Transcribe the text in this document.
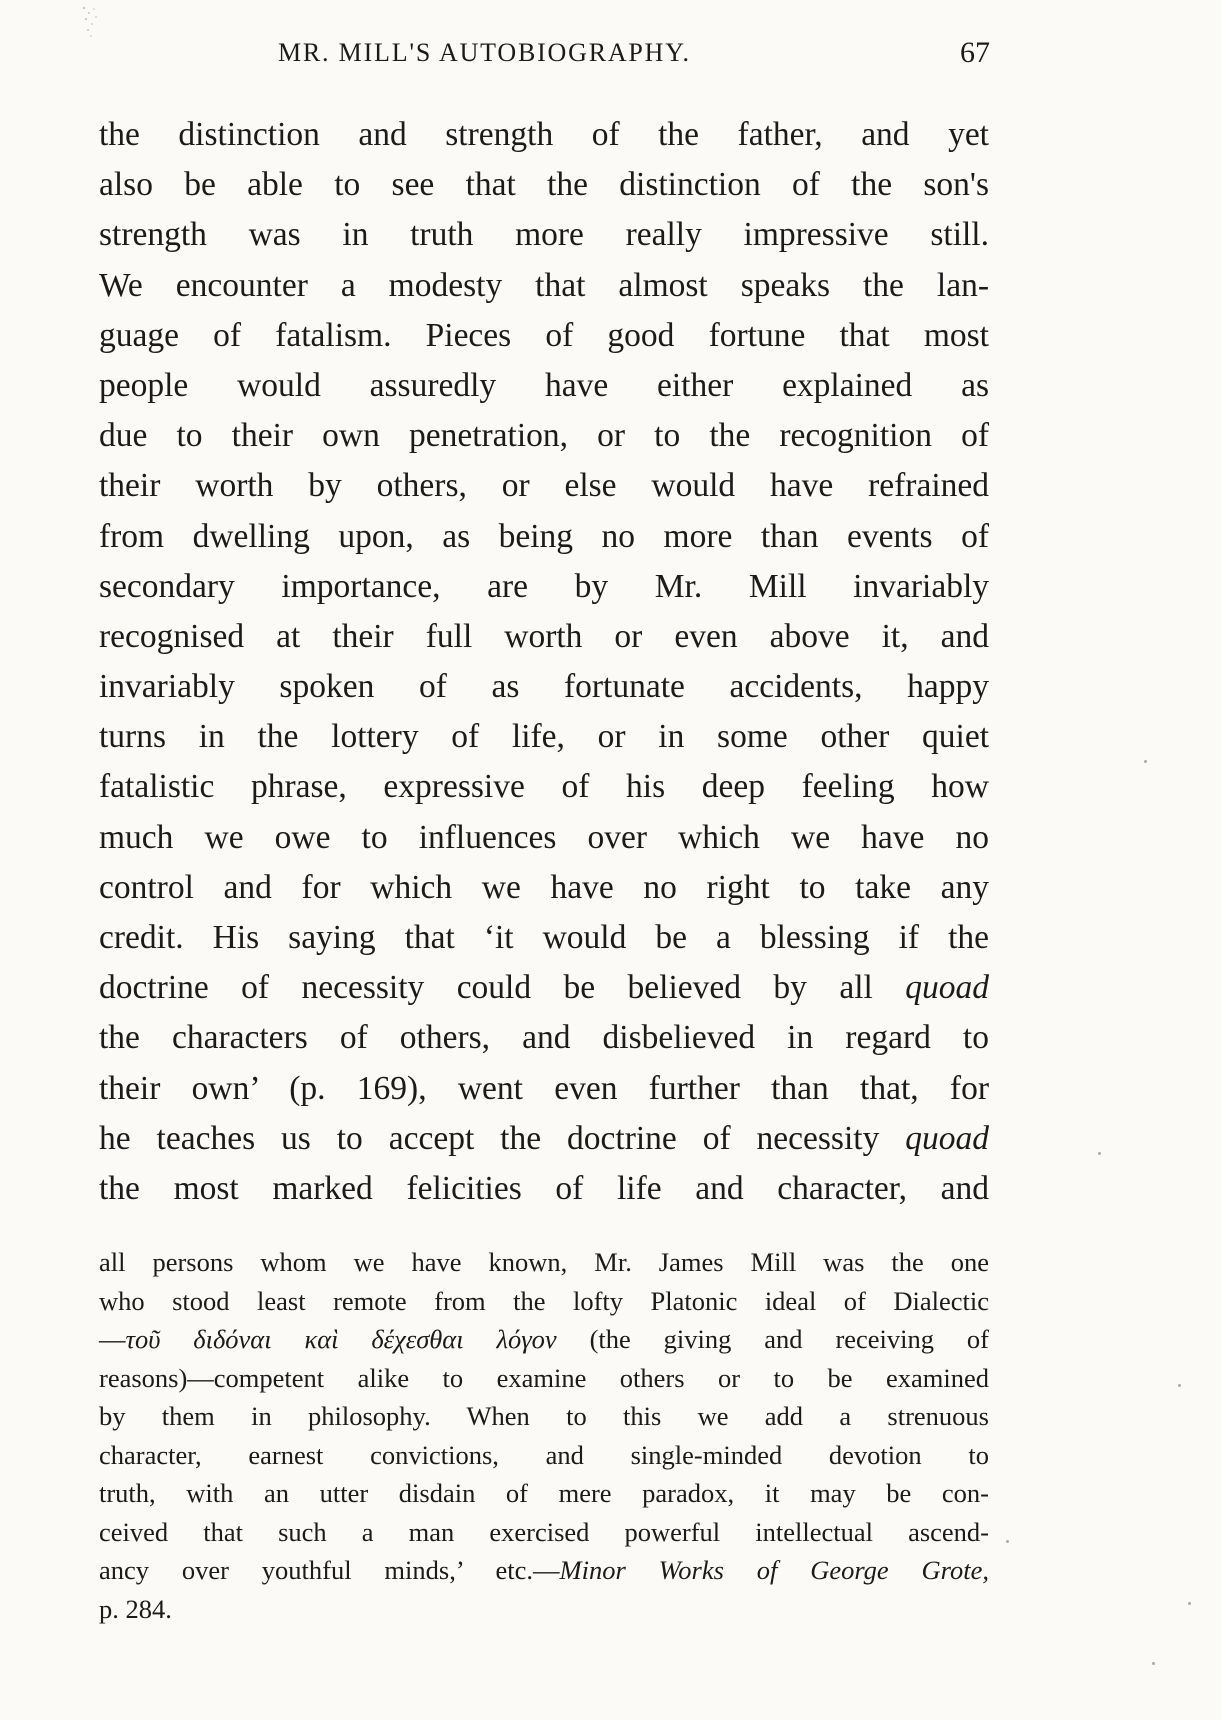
MR. MILL'S AUTOBIOGRAPHY.	67
the distinction and strength of the father, and yet
also be able to see that the distinction of the son's
strength was in truth more really impressive still.
We encounter a modesty that almost speaks the lan-
guage of fatalism. Pieces of good fortune that most
people would assuredly have either explained as
due to their own penetration, or to the recognition of
their worth by others, or else would have refrained
from dwelling upon, as being no more than events of
secondary importance, are by Mr. Mill invariably
recognised at their full worth or even above it, and
invariably spoken of as fortunate accidents, happy
turns in the lottery of life, or in some other quiet
fatalistic phrase, expressive of his deep feeling how
much we owe to influences over which we have no
control and for which we have no right to take any
credit. His saying that ‘it would be a blessing if the
doctrine of necessity could be believed by all quoad
the characters of others, and disbelieved in regard to
their own’ (p. 169), went even further than that, for
he teaches us to accept the doctrine of necessity quoad
the most marked felicities of life and character, and
all persons whom we have known, Mr. James Mill was the one
who stood least remote from the lofty Platonic ideal of Dialectic
—τοῦ διδόναι καὶ δέχεσθαι λόγον (the giving and receiving of
reasons)—competent alike to examine others or to be examined
by them in philosophy. When to this we add a strenuous
character, earnest convictions, and single-minded devotion to
truth, with an utter disdain of mere paradox, it may be con-
ceived that such a man exercised powerful intellectual ascend-
ancy over youthful minds,’ etc.—Minor Works of George Grote,
p. 284.
